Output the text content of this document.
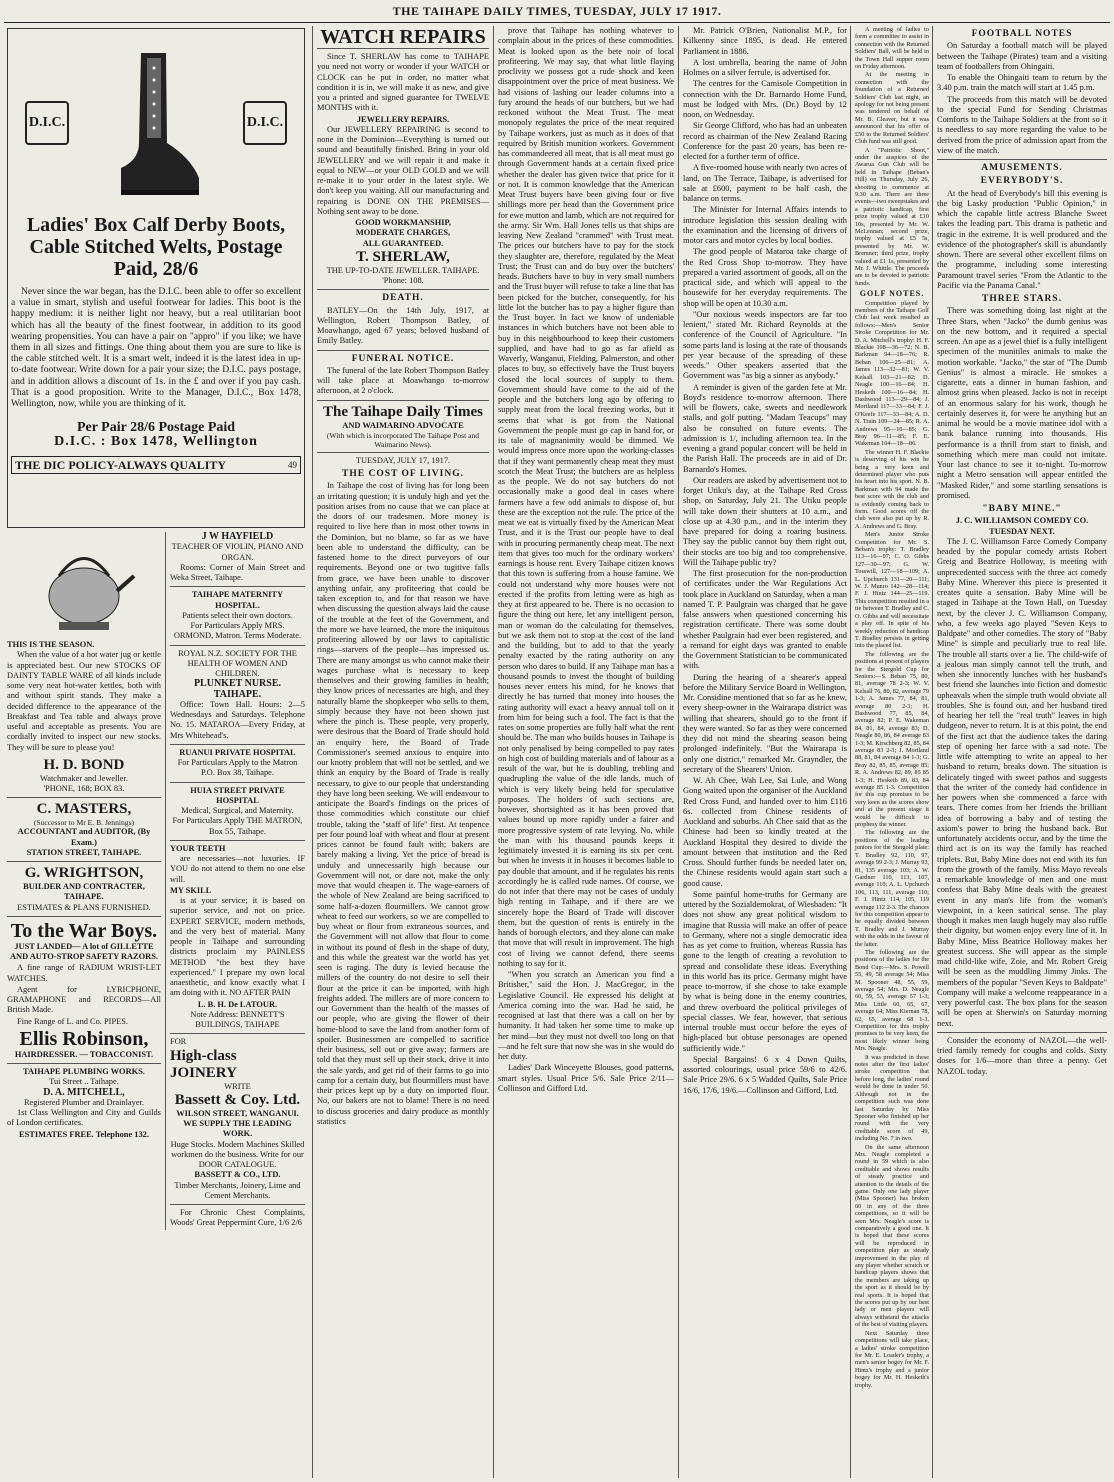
THE TAIHAPE DAILY TIMES, TUESDAY, JULY 17 1917.
D.I.C.	D.I.C.
Ladies' Box Calf Derby Boots, Cable Stitched Welts, Postage Paid, 28/6

Never since the war began, has the D.I.C. been able to offer so excellent a value in smart, stylish and useful footwear for ladies. This boot is the happy medium: it is neither light nor heavy, but a real utilitarian boot which has all the beauty of the finest footwear, in addition to its good wearing propensities. You can have a pair on "appro" if you like; we have them in all sizes and fittings. One thing about them you are sure to like is the cable stitched welt. It is a smart welt, indeed it is the latest idea in up-to-date footwear. Write down for a pair your size; the D.I.C. pays postage, and in addition allows a discount of 1s. in the £ and over if you pay cash. That is a good proposition. Write to the Manager, D.I.C., Box 1478, Wellington, now, while you are thinking of it.

Per Pair 28/6 Postage Paid
D.I.C. : Box 1478, Wellington
THE DIC POLICY-ALWAYS QUALITY	49
THIS IS THE SEASON.

When the value of a hot water jug or kettle is appreciated best. Our new STOCKS OF DAINTY TABLE WARE of all kinds include some very neat hot-water kettles, both with and without spirit stands. They make a decided difference to the appearance of the Breakfast and Tea table and always prove useful and acceptable as presents. You are cordially invited to inspect our new stocks. They will be sure to please you!

H. D. BOND
Watchmaker and Jeweller.
'PHONE, 168; BOX 83.
C. MASTERS,
(Successor to Mr E. B. Jennings)
ACCOUNTANT and AUDITOR, (By Exam.)
STATION STREET, TAIHAPE.
G. WRIGHTSON,
BUILDER AND CONTRACTER, TAIHAPE.
ESTIMATES & PLANS FURNISHED.
To the War Boys.

JUST LANDED— A lot of GILLETTE AND AUTO-STROP SAFETY RAZORS.

A fine range of RADIUM WRIST-LET WATCHES.

Agent for LYRICPHONE, GRAMAPHONE and RECORDS—All British Made.

Fine Range of L. and Co. PIPES.

Ellis Robinson,
HAIRDRESSER. — TOBACCONIST.
TAIHAPE PLUMBING WORKS.
Tui Street .. Taihape.
D. A. MITCHELL,
Registered Plumber and Drainlayer.

1st Class Wellington and City and Guilds of London certificates.

ESTIMATES FREE. Telephone 132.
J W HAYFIELD
TEACHER OF VIOLIN, PIANO AND ORGAN.

Rooms: Corner of Main Street and Weka Street, Taihape.

TAIHAPE MATERNITY HOSPITAL.
Patients select their own doctors.
For Particulars Apply MRS. ORMOND, Matron. Terms Moderate.
ROYAL N.Z. SOCIETY FOR THE HEALTH OF WOMEN AND CHILDREN.
PLUNKET NURSE. TAIHAPE.

Office: Town Hall. Hours: 2—5 Wednesdays and Saturdays. Telephone No. 15. MATAROA—Every Friday, at Mrs Whitehead's.

RUANUI PRIVATE HOSPITAL
For Particulars Apply to the Matron P.O. Box 38, Taihape.
HUIA STREET PRIVATE HOSPITAL
Medical, Surgical, and Maternity.
For Particulars Apply THE MATRON, Box 55, Taihape.
YOUR TEETH

are necessaries—not luxuries. IF YOU do not attend to them no one else will.

MY SKILL

is at your service; it is based on superior service, and not on price. EXPERT SERVICE, modern methods, and the very best of material. Many people in Taihape and surrounding districts proclaim my PAINLESS METHOD "the best they have experienced." I prepare my own local anaesthetic, and know exactly what I am doing with it. NO AFTER PAIN

L. B. H. De LATOUR.
Note Address: BENNETT'S BUILDINGS, TAIHAPE
FOR
High-class JOINERY
WRITE
Bassett & Coy. Ltd.
WILSON STREET, WANGANUI.
WE SUPPLY THE LEADING WORK.
Huge Stocks. Modern Machines Skilled workmen do the business. Write for our DOOR CATALOGUE.
BASSETT & CO., LTD.
Timber Merchants, Joinery, Lime and Cement Merchants.

For Chronic Chest Complaints, Woods' Great Peppermint Cure, 1/6 2/6

WATCH REPAIRS

Since T. SHERLAW has come to TAIHAPE you need not worry or wonder if your WATCH or CLOCK can be put in order, no matter what condition it is in, we will make it as new, and give you a printed and signed guarantee for TWELVE MONTHS with it.

JEWELLERY REPAIRS.

Our JEWELLERY REPAIRING is second to none in the Dominion—Everything is turned out sound and beautifully finished. Bring in your old JEWELLERY and we will repair it and make it equal to NEW—or your OLD GOLD and we will re-make it to your order in the latest style. We don't keep you waiting. All our manufacturing and repairing is DONE ON THE PREMISES—Nothing sent away to be done.

GOOD WORKMANSHIP,
MODERATE CHARGES,
ALL GUARANTEED.
T. SHERLAW,
THE UP-TO-DATE JEWELLER. TAIHAPE. 'Phone: 108.
DEATH.

BATLEY—On the 14th July, 1917, at Wellington, Robert Thompson Batley, of Moawhango, aged 67 years; beloved husband of Emily Batley.

FUNERAL NOTICE.

The funeral of the late Robert Thompson Batley will take place at Moawhango to-morrow afternoon, at 2 o'clock.

The Taihape Daily Times
AND WAIMARINO ADVOCATE
(With which is incorporated The Taihape Post and Waimarino News).
TUESDAY, JULY 17, 1917.
THE COST OF LIVING.

In Taihape the cost of living has for long been an irritating question; it is unduly high and yet the position arises from no cause that we can place at the doors of our tradesmen. More money is required to live here than in most other towns in the Dominion, but no blame, so far as we have been able to understand the difficulty, can be fastened home to the direct purveyors of our requirements. Beyond one or two tugitive falls from grace, we have been unable to discover anything unfair, any profiteering that could be taken exception to, and for that reason we have when discussing the question always laid the cause of the trouble at the feet of the Government, and the more we have learned, the more the iniquitous profiteering allowed by our laws to capitalistic rings—starvers of the people—has impressed us. There are many amongst us who cannot make their wages purchase what is necessary to keep themselves and their growing families in health; they know prices of necessaries are high, and they naturally blame the shopkeeper who sells to them, simply because they have not been shown just where the pinch is. These people, very properly, were desirous that the Board of Trade should hold an enquiry here, the Board of Trade Commissioner's seemed anxious to enquire into our knotty problem that will not be settled, and we think an enquiry by the Board of Trade is really necessary, to give to our people that understanding they have long been seeking. We will endeavour to anticipate the Board's findings on the prices of those commodities which constitute our chief trouble, taking the "staff of life" first. At tenpence per four pound loaf with wheat and flour at present prices cannot be found fault with; bakers are barely making a living. Yet the price of bread is unduly and unnecessarily high because our Government will not, or dare not, make the only move that would cheapen it. The wage-earners of the whole of New Zealand are being sacrificed to some half-a-dozen flourmillers. We cannot grow wheat to feed our workers, so we are compelled to buy wheat or flour from extraneous sources, and the Government will not allow that flour to come in without its pound of flesh in the shape of duty, and this while the greatest war the world has yet seen is raging. The duty is levied because the millers of the country do not desire to sell their flour at the price it can be imported, with high freights added. The millers are of more concern to our Government than the health of the masses of our people, who are giving the flower of their home-blood to save the land from another form of spoiler. Businessmen are compelled to sacrifice their business, sell out or give away; farmers are told that they must sell up their stock, drive it into the sale yards, and get rid of their farms to go into camp for a certain duty, but flourmillers must have their prices kept up by a duty on imported flour. No, our bakers are not to blame! There is no need to discuss groceries and dairy produce as monthly statistics

prove that Taihape has nothing whatever to complain about in the prices of these commodities. Meat is looked upon as the bete noir of local profiteering. We may say, that what little flaying proclivity we possess got a rude shock and keen disappointment over the price of meat business. We had visions of lashing our leader columns into a fury around the heads of our butchers, but we had reckoned without the Meat Trust. The meat monopoly regulates the price of the meat required by Taihape workers, just as much as it does of that required by British munition workers. Government has commandeered all meat, that is all meat must go through Government hands at a certain fixed price whether the dealer has given twice that price for it or not. It is common knowledge that the American Meat Trust buyers have been giving four or five shillings more per head than the Government price for ewe mutton and lamb, which are not required for the army. Sir Wm. Hall Jones tells us that ships are leaving New Zealand "crammed" with Trust meat. The prices our butchers have to pay for the stock they slaughter are, therefore, regulated by the Meat Trust; the Trust can and do buy over the butchers' heads. Butchers have to buy in very small numbers and the Trust buyer will refuse to take a line that has been picked for the butcher, consequently, for his little lot the butcher has to pay a higher figure than the Trust buyer. In fact we know of undeniable instances in which butchers have not been able to buy in this neighbourhood to keep their customers supplied, and have had to go as far afield as Waverly, Wanganui, Fielding, Palmerston, and other places to buy, so effectively have the Trust buyers closed the local sources of supply to them. Government should have come to the aid of the people and the butchers long ago by offering to supply meat from the local freezing works, but it seems that what is got from the National Government the people must go cap in hand for, or its tale of magnanimity would be dimmed. We would impress once more upon the working-classes that if they want permanently cheap meat they must scotch the Meat Trust; the butchers are as helpless as the people. We do not say butchers do not occasionally make a good deal in cases where farmers have a few odd animals to dispose of, but these are the exception not the rule. The price of the meat we eat is virtually fixed by the American Meat Trust, and it is the Trust our people have to deal with in procuring permanently cheap meat. The next item that gives too much for the ordinary workers' earnings is house rent. Every Taihape citizen knows that this town is suffering from a house famine. We could not understand why more houses were not erected if the profits from letting were as high as they at first appeared to be. There is no occasion to figure the thing out here, let any intelligent person, man or woman do the calculating for themselves, but we ask them not to stop at the cost of the land and the building, but to add to that the yearly penalty exacted by the rating authority on any person who dares to build. If any Taihape man has a thousand pounds to invest the thought of building houses never enters his mind, for he knows that directly he has turned that money into houses the rating authority will exact a heavy annual toll on it from him for being such a fool. The fact is that the rates on some properties are fully half what the rent should be. The man who builds houses in Taihape is not only penalised by being compelled to pay rates on high cost of building materials and of labour as a result of the war, but he is doubling, trebling and quadrupling the value of the idle lands, much of which is very likely being held for speculative purposes. The holders of such sections are, however, shortsighted as it has been proved that values bound up more rapidly under a fairer and more progressive system of rate levying. No, while the man with his thousand pounds keeps it legitimately invested it is earning its six per cent. but when he invests it in houses it becomes liable to pay double that amount, and if he regulates his rents accordingly he is called rude names. Of course, we do not infer that there may not be cases of unduly high renting in Taihape, and if there are we sincerely hope the Board of Trade will discover them, but the question of rents is entirely in the hands of borough electors, and they alone can make that move that will result in improvement. The high cost of living we cannot defend, there seems nothing to say for it.

"When you scratch an American you find a Britisher," said the Hon. J. MacGregor, in the Legislative Council. He expressed his delight at America coming into the war. Had he said, he recognised at last that there was a call on her by humanity. It had taken her some time to make up her mind—but they must not dwell too long on that—and he felt sure that now she was in she would do her duty.

Ladies' Dark Winceyette Blouses, good patterns, smart styles. Usual Price 5/6. Sale Price 2/11—Collinson and Gifford Ltd.

Mr. Patrick O'Brien, Nationalist M.P., for Kilkenny since 1895, is dead. He entered Parliament in 1886.

A lost umbrella, bearing the name of John Holmes on a silver ferrule, is advertised for.

The centres for the Camisole Competition in connection with the Dr. Barnardo Home Fund, must be lodged with Mrs. (Dr.) Boyd by 12 noon, on Wednesday.

Sir George Clifford, who has had an unbeaten record as chairman of the New Zealand Racing Conference for the past 20 years, has been re-elected for a further term of office.

A five-roomed house with nearly two acres of land, on The Terrace, Taihape, is advertised for sale at £600, payment to be half cash, the balance on terms.

The Minister for Internal Affairs intends to introduce legislation this session dealing with the examination and the licensing of drivers of motor cars and motor cycles by local bodies.

The good people of Mataroa take charge of the Red Cross Shop to-morrow. They have prepared a varied assortment of goods, all on the practical side, and which will appeal to the housewife for her everyday requirements. The shop will be open at 10.30 a.m.

"Our noxious weeds inspectors are far too lenient," stated Mr. Richard Reynolds at the conference of the Council of Agriculture. "In some parts land is losing at the rate of thousands per year because of the spreading of these weeds." Other speakers asserted that the Government was "as big a sinner as anybody."

A reminder is given of the garden fete at Mr. Boyd's residence to-morrow afternoon. There will be flowers, cake, sweets and needlework stalls, and golf putting. "Madam Teacups" may also be consulted on future events. The admission is 1/, including afternoon tea. In the evening a grand popular concert will be held in the Parish Hall. The proceeds are in aid of Dr. Barnardo's Homes.

Our readers are asked by advertisement not to forget Utiku's day, at the Taihape Red Cross shop, on Saturday, July 21. The Utiku people will take down their shutters at 10 a.m., and close up at 4.30 p.m., and in the interim they have prepared for doing a roaring business. They say the public cannot buy them right out, their stocks are too big and too comprehensive. Will the Taihape public try?

The first prosecution for the non-production of certificates under the War Regulations Act took place in Auckland on Saturday, when a man named T. P. Paulgrain was charged that he gave false answers when questioned concerning his registration certificate. There was some doubt whether Paulgrain had ever been registered, and a remand for eight days was granted to enable the Government Statistician to be communicated with.

During the hearing of a shearer's appeal before the Military Service Board in Wellington, Mr. Considine mentioned that so far as he knew, every sheep-owner in the Wairarapa district was willing that shearers, should go to the front if they were wanted. So far as they were concerned they did not mind the shearing season being prolonged indefinitely. "But the Wairarapa is only one district," remarked Mr. Grayndler, the secretary of the Shearers' Union.

W. Ah Chee, Wah Lee, Sai Lule, and Wong Gong waited upon the organiser of the Auckland Red Cross Fund, and handed over to him £116 6s. collected from Chinese residents of Auckland and suburbs. Ah Chee said that as the Chinese had been so kindly treated at the Auckland Hospital they desired to divide the amount between that institution and the Red Cross. Should further funds be needed later on, the Chinese residents would again start such a good cause.

Some painful home-truths for Germany are uttered by the Sozialdemokrat, of Wiesbaden: "It does not show any great political wisdom to imagine that Russia will make an offer of peace to Germany, where not a single democratic idea has as yet come to fruition, whereas Russia has gone to the length of creating a revolution to spread and consolidate these ideas. Everything in this world has its price. Germany might have peace to-morrow, if she chose to take example by what is being done in the enemy countries, and threw overboard the political privileges of special classes. We fear, however, that serious internal trouble must occur before the eyes of high-placed but obtuse personages are opened sufficiently wide."

Special Bargains! 6 x 4 Down Quilts, assorted colourings, usual price 59/6 to 42/6. Sale Price 29/6. 6 x 5 Wadded Quilts, Sale Price 16/6, 17/6, 19/6.—Collinson and Gifford, Ltd.

A meeting of ladies to form a committee to assist in connection with the Returned Soldiers' Ball, will be held in the Town Hall supper room on Friday afternoon.

At the meeting in connection with the foundation of a Returned Soldiers' Club last night, an apology for not being present was tendered on behalf of Mr. B. Cleaver, but it was announced that his offer of £50 to the Returned Soldiers' Club fund was still good.

A "Patriotic Shoot," under the auspices of the Awarua Gun Club will be held in Taihape (Beban's Hill) on Thursday, July 26, shooting to commence at 9.30 a.m. There are three events—two sweepstakes and a patriotic handicap, first prize trophy valued at £10 10s, presented by Mr. W. McLennan; second prize, trophy valued at £5 5s, presented by Mr. W. Bremner; third prize, trophy valued at £1 1s, presented by Mr. J. Whittle. The proceeds are to be devoted to patriotic funds.

GOLF NOTES.

Competition played by members of the Taihape Golf Club last week resulted as follows:—Men's Senior Stroke Competition for Mr. D. A. Mitchell's trophy: H. F. Blackie 108—36—72; N. B. Barkman 94—18—76; R. Beban 106—25—81; A. James 113—32—81; W. V. Kelsall 103—21—82; D. Neagle 100—16—84; H. Hesketh 100—16—84; H. Dashwood 113—29—84; J. Mortland 117—33—84; F. J. O'Keefe 117—33—84; A. D. N. Train 109—24—85; R. A. Andrews 95—10—85; G. Bray 96—11—85; F. E. Wakeman 104—18—86.

The winner H. F. Blackie is deserving of his win he being a very keen and determined player who puts his heart into his sport. N. B. Barkman with 94 made the best score with the club and is evidently coming back to form. Good scores off the club were also put up by R. A. Andrews and G. Bray.

Men's Junior Stroke Competition for Mr. S. Beban's trophy: T. Bradley 113—16—97; C. O. Gibbs 127—30—97; G. W. Tosswill, 127—18—109; A. L. Upchurch 131—20—111; W. J. Munro 142—28—114; F. J. Hintz 144—25—119. This competition resulted in a tie between T. Bradley and C. O. Gibbs and will necessitate a play off. In spite of his weekly reduction of handicap T. Bradley persists in getting into the placed list.

The following are the positions at present of players for the Stergold Cup for Seniors:—S. Beban 75, 80, 81, average 78 2-3; W. V. Kelsall 76, 80, 82, average 79 1-3; A. James 77, 84, 81, average 80 2-3; H. Dashwood 77, 85, 84, average 82; P. E. Wakeman 84, 81, 84, average 83; D. Neagle 80, 86, 84 average 83 1-3; M. Kirschberg 82, 85, 84 average 83 2-3; J. Mortland 88, 81, 84 average 84 1-3; G. Bray 82, 85, 85, average 85; R. A. Andrews 82, 89, 85 85 1-3; H. Hesketh 89, 83, 84 average 85 1-3. Competition for this cup promises to be very keen as the scores show and at the present stage it would be difficult to prophesy the winner.

The following are the positions of the leading juniors for the Stergold plate: T. Bradley 92, 110, 97, average 99 2-3; J. Murray 93, 81, 135 average 103; A. W. Gardner 110, 113, 107, average 110; A. L. Upchurch 106, 113, 111, average 110; F. J. Hintz 114, 105, 119 average 112 2-3. The chances for this competition appear to be equally divided between T. Bradley and J. Murray with the odds in the favour of the latter.

The following are the positions of the ladies for the Bond Cup:—Mrs. S. Powell 55, 49, 58 average 54; Miss M. Spooner 48, 55, 59, average 54; Mrs. D. Neagle 60, 59, 53, average 57 1-3; Miss Little 60, 65, 67, average 64; Miss Kiernan 78, 62, 65, average 68 1-3. Competition for this trophy promises to be very keen, the most likely winner being Mrs. Neagle.

It was predicted in these notes after the first ladies' stroke competition that before long, the ladies' round would be done in under 50. Although not in the competition such was done last Saturday by Miss Spooner who finished up her round with the very creditable score of 49, including No. 7 in two.

On the same afternoon Mrs. Neagle completed a round in 59 which is also creditable and shows results of steady practice and attention to the details of the game. Only one lady player (Miss Spooner) has broken 60 in any of the three competitions, so it will be seen Mrs. Neagle's score is comparatively a good one. It is hoped that these scores will be reproduced in competition play as steady improvement in the play of any player whether scratch or handicap players shows that the members are taking up the sport as it should be by real sports. It is hoped that the scores put up by our best lady or men players will always withstand the attacks of the best of visiting players.

Next Saturday three competitions will take place, a ladies' stroke competition for Mr. E. Loader's trophy, a men's senior bogey for Mr. F. Hintz's trophy and a junior bogey for Mr. H. Hesketh's trophy.

FOOTBALL NOTES

On Saturday a football match will be played between the Taihape (Pirates) team and a visiting team of footballers from Ohingaiti.

To enable the Ohingaiti team to return by the 3.40 p.m. train the match will start at 1.45 p.m.

The proceeds from this match will be devoted to the special Fund for Sending Christmas Comforts to the Taihape Soldiers at the front so it is needless to say more regarding the value to be derived from the price of admission apart from the view of the match.

AMUSEMENTS.
EVERYBODY'S.

At the head of Everybody's bill this evening is the big Lasky production "Public Opinion," in which the capable little actress Blanche Sweet takes the leading part. This drama is pathetic and tragic in the extreme. It is well produced and the evidence of the photographer's skill is abundantly shown. There are several other excellent films on the programme, including some interesting Paramount travel series "From the Atlantic to the Pacific via the Panama Canal."

THREE STARS.

There was something doing last night at the Three Stars, when "Jacko" the dumb genius was on the new bottom, and it required a special screen. An ape as a jewel thief is a fully intelligent specimen of the munitiles animals to make the motion workable. "Jacko," the star of "The Dumb Genius" is almost a miracle. He smokes a cigarette, eats a dinner in human fashion, and almost grins when pleased. Jacko is not in receipt of an enormous salary for his work, though he certainly deserves it, for were he anything but an animal he would be a movie matinee idol with a bank balance running into thousands. His performance is a thrill from start to finish, and something which mere man could not imitate. Your last chance to see it to-night. To-morrow night a Metro sensation will appear entitled the "Masked Rider," and some startling sensations is promised.

"BABY MINE."
J. C. WILLIAMSON COMEDY CO. TUESDAY NEXT.

The J. C. Williamson Farce Comedy Company headed by the popular comedy artists Robert Greig and Beatrice Holloway, is meeting with unprecedented success with the three act comedy Baby Mine. Wherever this piece is presented it creates quite a sensation. Baby Mine will be staged in Taihape at the Town Hall, on Tuesday next, by the clever J. C. Williamson Company, who, a few weeks ago played "Seven Keys to Baldpate" and other comedies. The story of "Baby Mine" is simple and peculiarly true to real life. The trouble all starts over a lie. The child-wife of a jealous man simply cannot tell the truth, and when she innocently lunches with her husband's best friend she launches into fiction and domestic upheavals when the simple truth would obviate all troubles. She is found out, and her husband tired of hearing her tell the "real truth" leaves in high dudgeon, never to return. It is at this point, the end of the first act that the audience takes the daring step of opening her farce with a sad note. The little wife attempting to write an appeal to her husband to return, breaks down. The situation is delicately tinged with sweet pathos and suggests that the writer of the comedy had confidence in her powers when she commenced a farce with tears. There comes from her friends the brilliant idea of borrowing a baby and of testing the axiom's power to bring the husband back. But unfortunately accidents occur, and by the time the third act is on its way the family has reached triplets. But, Baby Mine does not end with its fun from the growth of the family. Miss Mayo reveals a remarkable knowledge of men and one must confess that Baby Mine deals with the greatest event in any man's life from the woman's viewpoint, in a keen satirical sense. The play though it makes men laugh hugely may also ruffle their dignity, but women enjoy every line of it. In Baby Mine, Miss Beatrice Holloway makes her greatest success. She will appear as the simple mad child-like wife, Zoie, and Mr. Robert Greig will be seen as the muddling Jimmy Jinks. The members of the popular "Seven Keys to Baldpate" Company will make a welcome reappearance in a very powerful cast. The box plans for the season will be open at Sherwin's on Saturday morning next.

Consider the economy of NAZOL—the well-tried family remedy for coughs and colds. Sixty doses for 1/6—more than three a penny. Get NAZOL today.
